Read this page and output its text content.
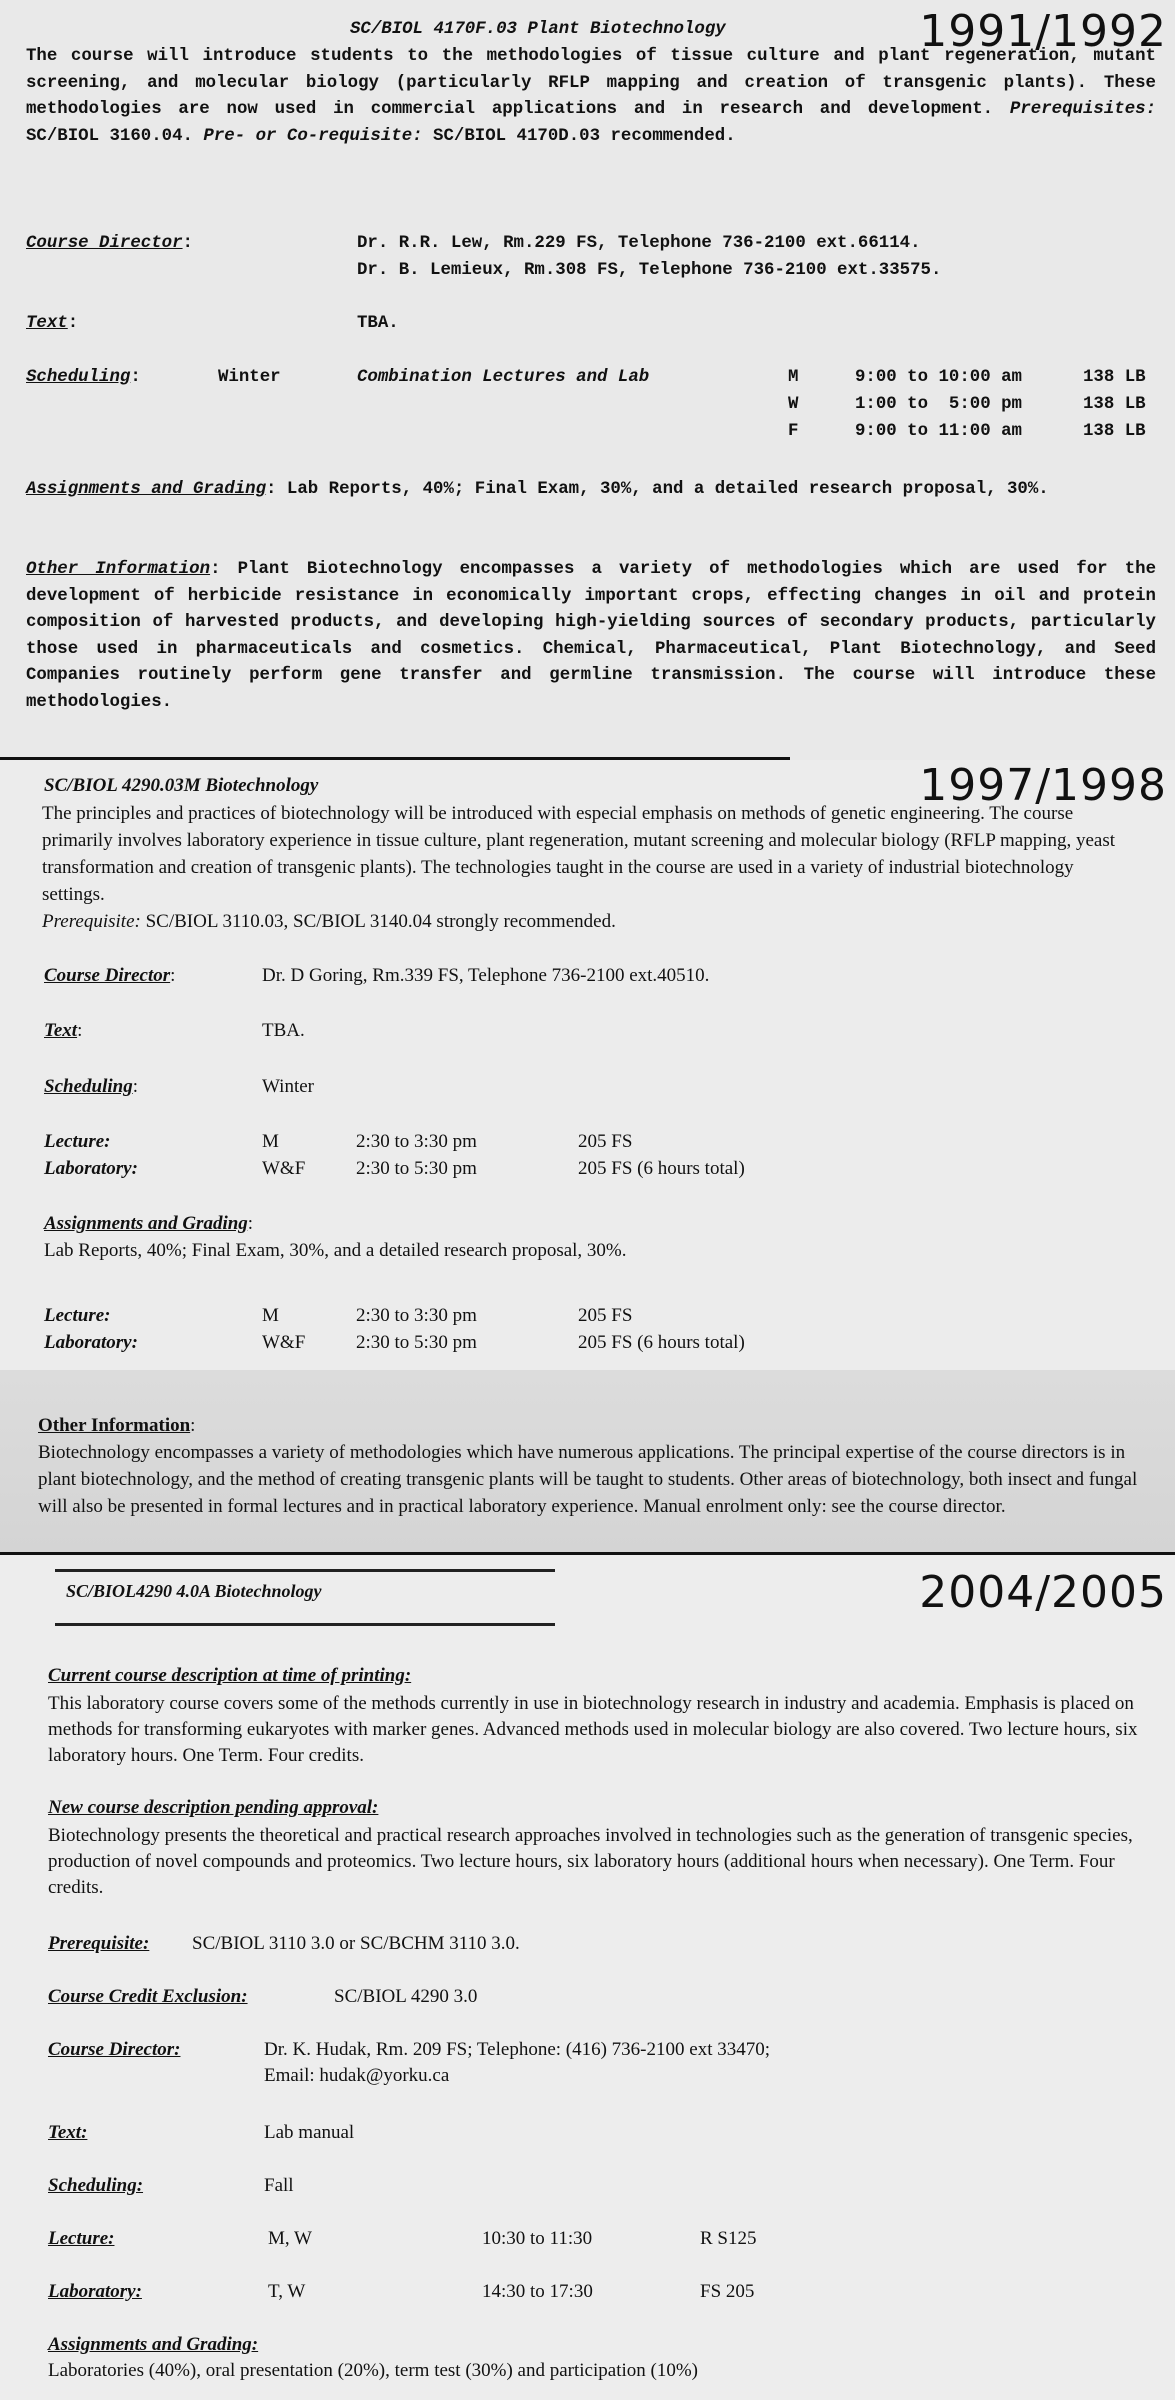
1991/1992
SC/BIOL 4170F.03 Plant Biotechnology
The course will introduce students to the methodologies of tissue culture and plant regeneration, mutant screening, and molecular biology (particularly RFLP mapping and creation of transgenic plants). These methodologies are now used in commercial applications and in research and development. Prerequisites: SC/BIOL 3160.04. Pre- or Co-requisite: SC/BIOL 4170D.03 recommended.
Course Director:	Dr. R.R. Lew, Rm.229 FS, Telephone 736-2100 ext.66114.
Dr. B. Lemieux, Rm.308 FS, Telephone 736-2100 ext.33575.
Text:	TBA.
Scheduling:	Winter	Combination Lectures and Lab	M	9:00 to 10:00 am	138 LB
W	1:00 to  5:00 pm	138 LB
F	9:00 to 11:00 am	138 LB
Assignments and Grading: Lab Reports, 40%; Final Exam, 30%, and a detailed research proposal, 30%.
Other Information: Plant Biotechnology encompasses a variety of methodologies which are used for the development of herbicide resistance in economically important crops, effecting changes in oil and protein composition of harvested products, and developing high-yielding sources of secondary products, particularly those used in pharmaceuticals and cosmetics. Chemical, Pharmaceutical, Plant Biotechnology, and Seed Companies routinely perform gene transfer and germline transmission. The course will introduce these methodologies.
1997/1998
SC/BIOL 4290.03M Biotechnology
The principles and practices of biotechnology will be introduced with especial emphasis on methods of genetic engineering. The course primarily involves laboratory experience in tissue culture, plant regeneration, mutant screening and molecular biology (RFLP mapping, yeast transformation and creation of transgenic plants). The technologies taught in the course are used in a variety of industrial biotechnology settings.
Prerequisite: SC/BIOL 3110.03, SC/BIOL 3140.04 strongly recommended.
Course Director:	Dr. D Goring, Rm.339 FS, Telephone 736-2100 ext.40510.
Text:	TBA.
Scheduling:	Winter
Lecture:	M	2:30 to 3:30 pm	205 FS
Laboratory:	W&F	2:30 to 5:30 pm	205 FS (6 hours total)
Assignments and Grading:
Lab Reports, 40%; Final Exam, 30%, and a detailed research proposal, 30%.
Lecture:	M	2:30 to 3:30 pm	205 FS
Laboratory:	W&F	2:30 to 5:30 pm	205 FS (6 hours total)
Other Information:
Biotechnology encompasses a variety of methodologies which have numerous applications. The principal expertise of the course directors is in plant biotechnology, and the method of creating transgenic plants will be taught to students. Other areas of biotechnology, both insect and fungal will also be presented in formal lectures and in practical laboratory experience. Manual enrolment only: see the course director.
2004/2005
SC/BIOL4290 4.0A Biotechnology
Current course description at time of printing:
This laboratory course covers some of the methods currently in use in biotechnology research in industry and academia. Emphasis is placed on methods for transforming eukaryotes with marker genes. Advanced methods used in molecular biology are also covered. Two lecture hours, six laboratory hours. One Term. Four credits.
New course description pending approval:
Biotechnology presents the theoretical and practical research approaches involved in technologies such as the generation of transgenic species, production of novel compounds and proteomics. Two lecture hours, six laboratory hours (additional hours when necessary). One Term. Four credits.
Prerequisite: SC/BIOL 3110 3.0 or SC/BCHM 3110 3.0.
Course Credit Exclusion:	SC/BIOL 4290 3.0
Course Director:	Dr. K. Hudak, Rm. 209 FS; Telephone: (416) 736-2100 ext 33470;
Email: hudak@yorku.ca
Text:	Lab manual
Scheduling:	Fall
Lecture:	M, W	10:30 to 11:30	R S125
Laboratory:	T, W	14:30 to 17:30	FS 205
Assignments and Grading:
Laboratories (40%), oral presentation (20%), term test (30%) and participation (10%)
